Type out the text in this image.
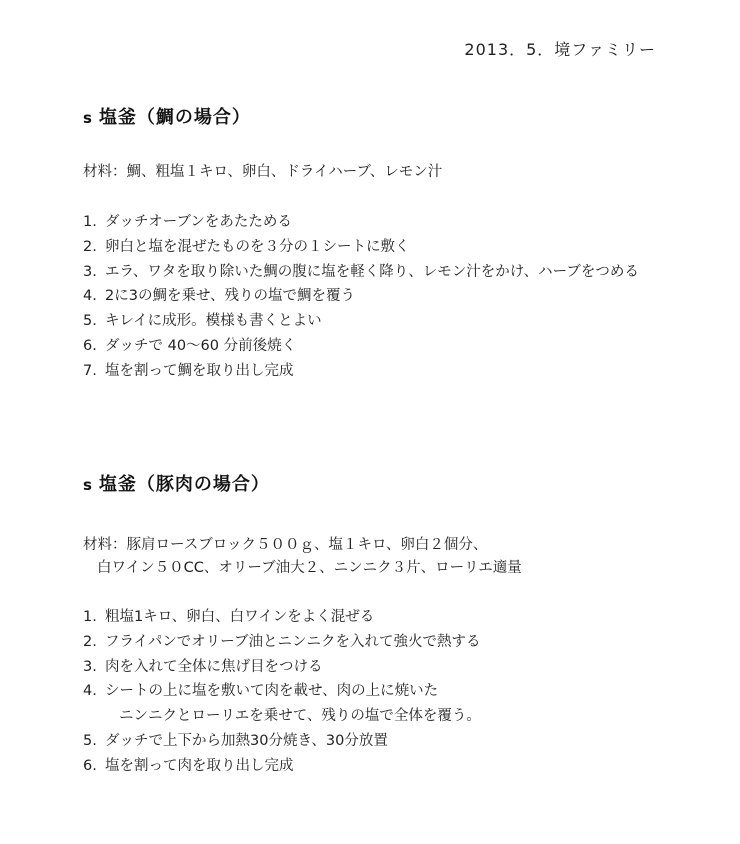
2013．5．境ファミリー
s 塩釜（鯛の場合）
材料：鯛、粗塩１キロ、卵白、ドライハーブ、レモン汁
1. ダッチオーブンをあたためる
2. 卵白と塩を混ぜたものを３分の１シートに敷く
3. エラ、ワタを取り除いた鯛の腹に塩を軽く降り、レモン汁をかけ、ハーブをつめる
4. 2に3の鯛を乗せ、残りの塩で鯛を覆う
5. キレイに成形。模様も書くとよい
6. ダッチで 40〜60 分前後焼く
7. 塩を割って鯛を取り出し完成
s 塩釜（豚肉の場合）
材料：豚肩ロースブロック５００ｇ、塩１キロ、卵白２個分、
白ワイン５０CC、オリーブ油大２、ニンニク３片、ローリエ適量
1. 粗塩1キロ、卵白、白ワインをよく混ぜる
2. フライパンでオリーブ油とニンニクを入れて強火で熱する
3. 肉を入れて全体に焦げ目をつける
4. シートの上に塩を敷いて肉を載せ、肉の上に焼いた
ニンニクとローリエを乗せて、残りの塩で全体を覆う。
5. ダッチで上下から加熱30分焼き、30分放置
6. 塩を割って肉を取り出し完成
